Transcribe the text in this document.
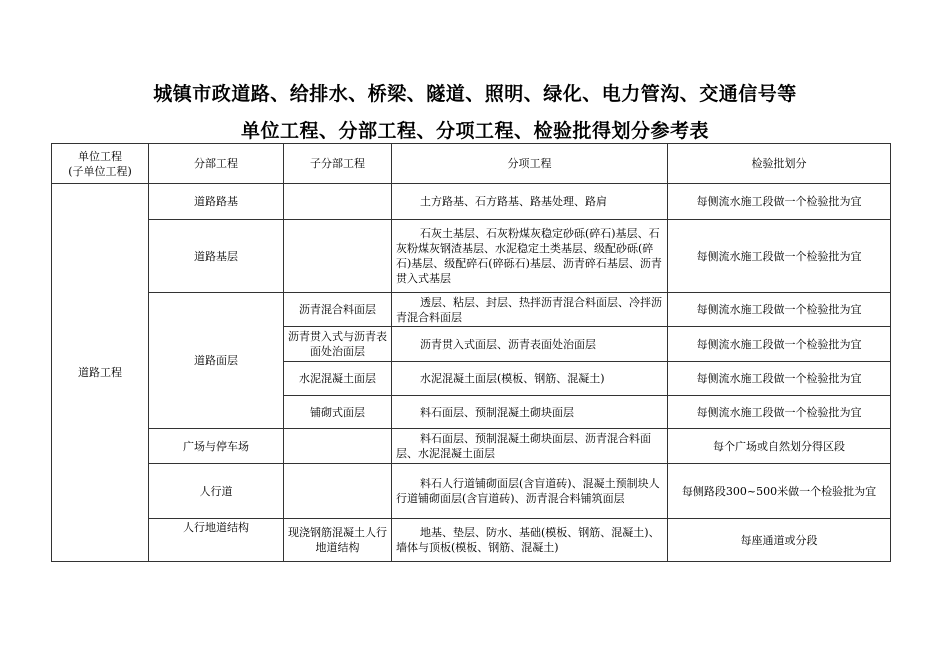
城镇市政道路、给排水、桥梁、隧道、照明、绿化、电力管沟、交通信号等
单位工程、分部工程、分项工程、检验批得划分参考表
单位工程
(子单位工程)	分部工程	子分部工程	分项工程	检验批划分
道路工程	道路路基		土方路基、石方路基、路基处理、路肩	每侧流水施工段做一个检验批为宜
	道路基层		石灰土基层、石灰粉煤灰稳定砂砾(碎石)基层、石灰粉煤灰钢渣基层、水泥稳定土类基层、级配砂砾(碎石)基层、级配碎石(碎砾石)基层、沥青碎石基层、沥青贯入式基层	每侧流水施工段做一个检验批为宜
	道路面层	沥青混合料面层	透层、粘层、封层、热拌沥青混合料面层、冷拌沥青混合料面层	每侧流水施工段做一个检验批为宜
		沥青贯入式与沥青表面处治面层	沥青贯入式面层、沥青表面处治面层	每侧流水施工段做一个检验批为宜
		水泥混凝土面层	水泥混凝土面层(模板、钢筋、混凝土)	每侧流水施工段做一个检验批为宜
		铺砌式面层	料石面层、预制混凝土砌块面层	每侧流水施工段做一个检验批为宜
	广场与停车场		料石面层、预制混凝土砌块面层、沥青混合料面层、水泥混凝土面层	每个广场或自然划分得区段
	人行道		料石人行道铺砌面层(含盲道砖)、混凝土预制块人行道铺砌面层(含盲道砖)、沥青混合料铺筑面层	每侧路段300~500米做一个检验批为宜
	人行地道结构	现浇钢筋混凝土人行地道结构	地基、垫层、防水、基础(模板、钢筋、混凝土)、墙体与顶板(模板、钢筋、混凝土)	每座通道或分段
